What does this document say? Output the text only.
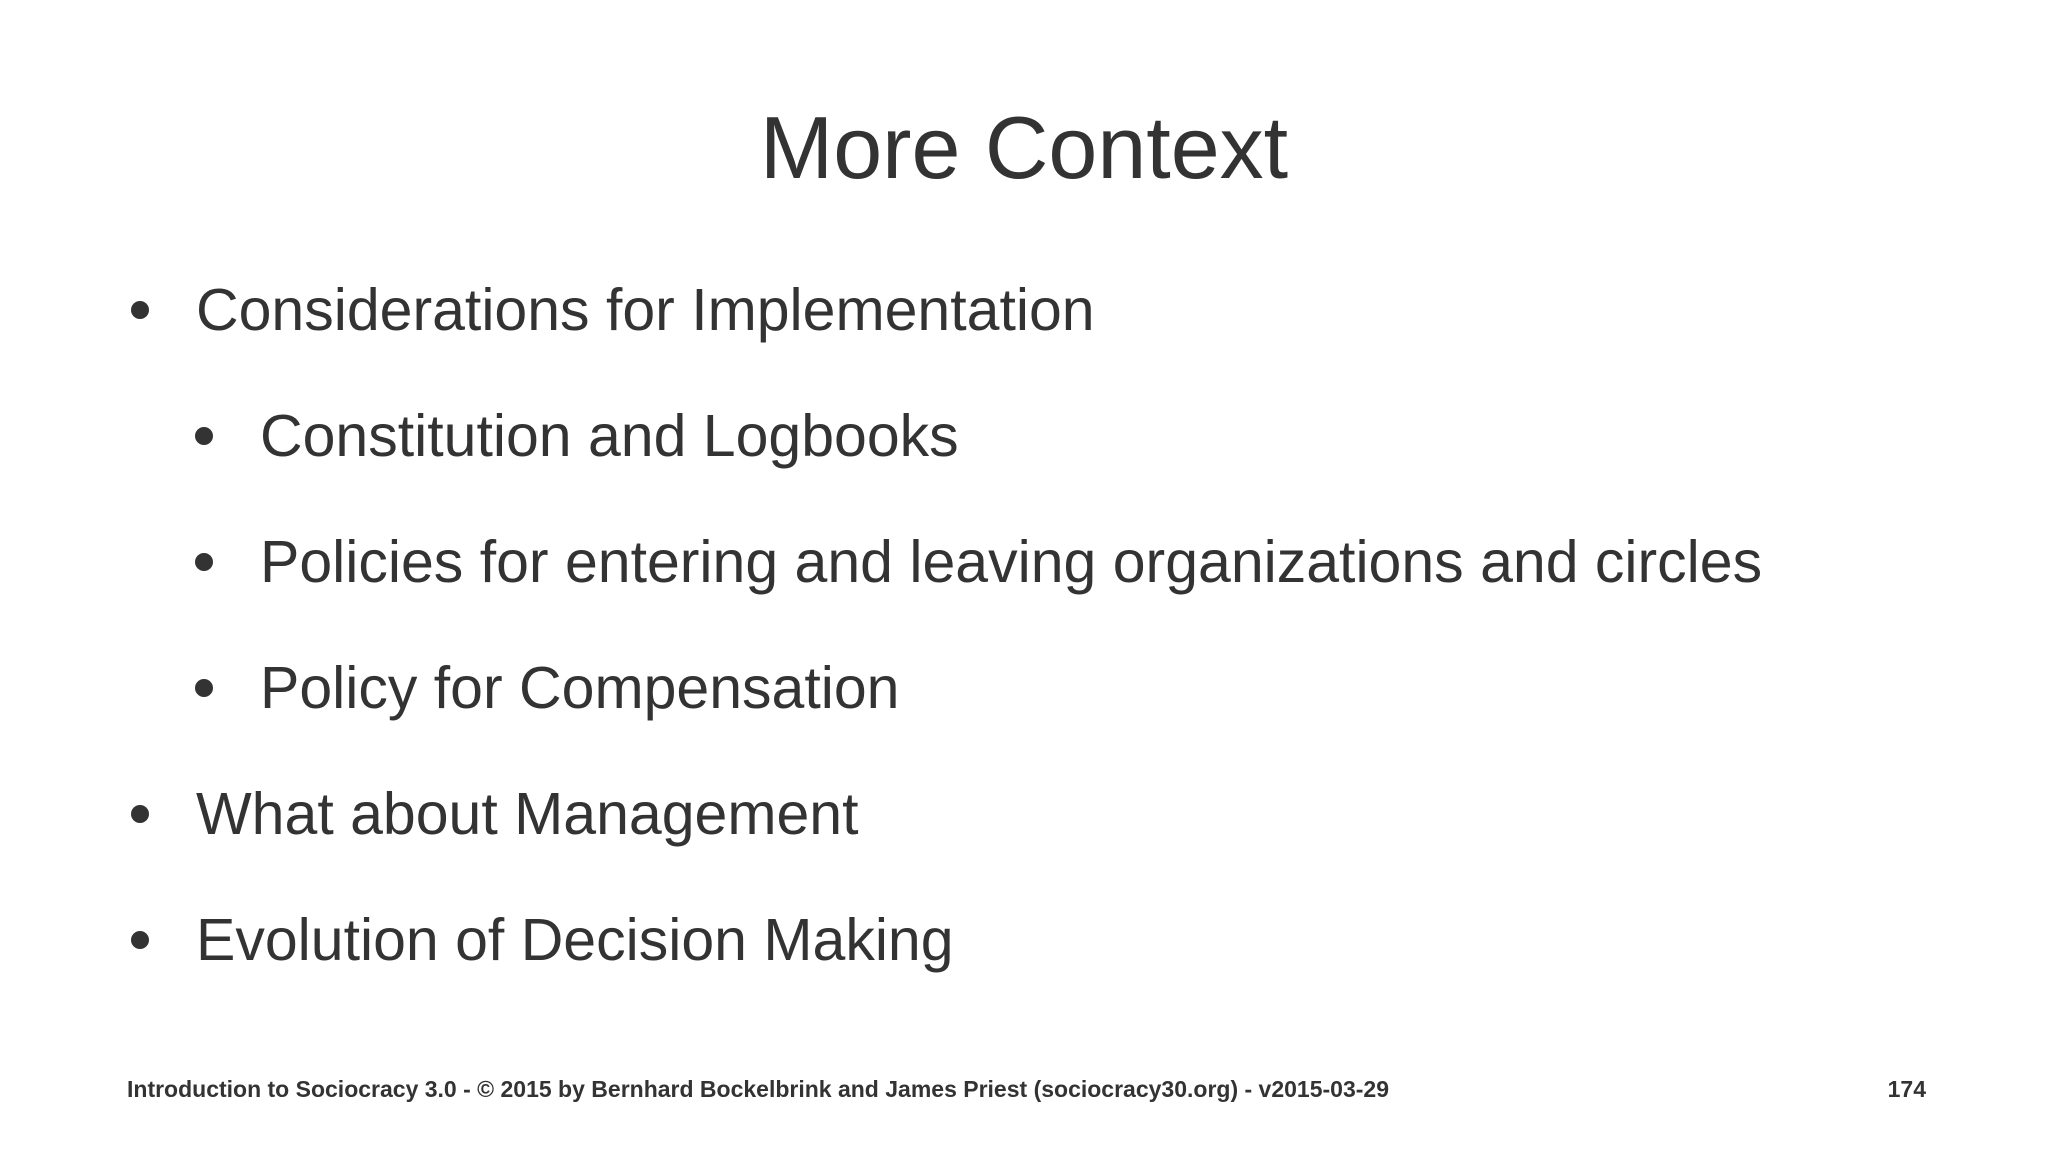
More Context
Considerations for Implementation
Constitution and Logbooks
Policies for entering and leaving organizations and circles
Policy for Compensation
What about Management
Evolution of Decision Making
Introduction to Sociocracy 3.0 - © 2015 by Bernhard Bockelbrink and James Priest (sociocracy30.org) - v2015-03-29	174
